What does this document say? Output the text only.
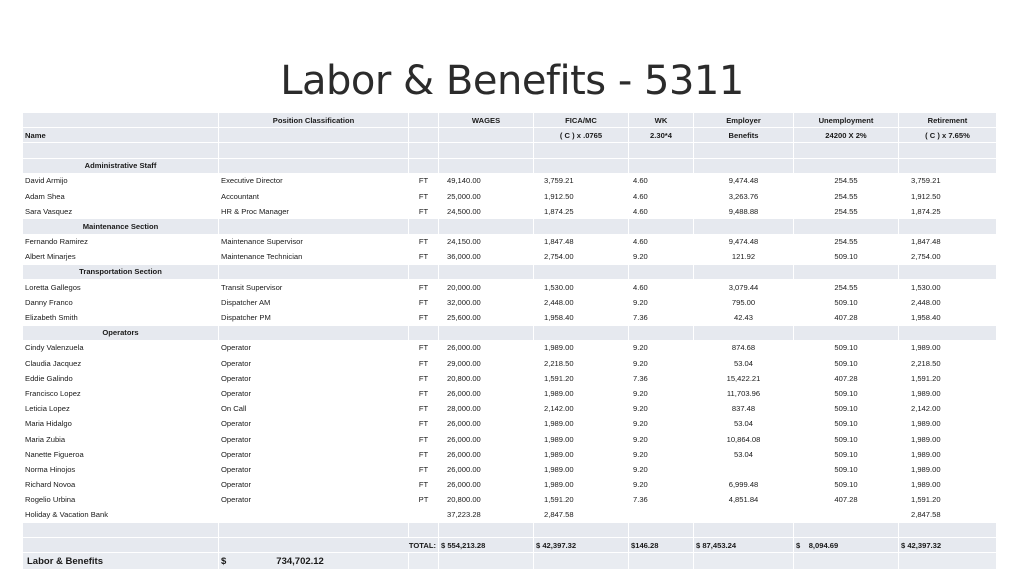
Labor & Benefits - 5311
	Position Classification		WAGES	FICA/MC	WK	Employer	Unemployment	Retirement
Name				( C ) x .0765	2.30*4	Benefits	24200 X 2%	( C ) x 7.65%

Administrative Staff								
David Armijo	Executive Director	FT	49,140.00	3,759.21	4.60	9,474.48	254.55	3,759.21
Adam Shea	Accountant	FT	25,000.00	1,912.50	4.60	3,263.76	254.55	1,912.50
Sara Vasquez	HR & Proc Manager	FT	24,500.00	1,874.25	4.60	9,488.88	254.55	1,874.25
Maintenance Section								
Fernando Ramirez	Maintenance Supervisor	FT	24,150.00	1,847.48	4.60	9,474.48	254.55	1,847.48
Albert Minarjes	Maintenance Technician	FT	36,000.00	2,754.00	9.20	121.92	509.10	2,754.00
Transportation Section								
Loretta Gallegos	Transit Supervisor	FT	20,000.00	1,530.00	4.60	3,079.44	254.55	1,530.00
Danny Franco	Dispatcher AM	FT	32,000.00	2,448.00	9.20	795.00	509.10	2,448.00
Elizabeth Smith	Dispatcher PM	FT	25,600.00	1,958.40	7.36	42.43	407.28	1,958.40
Operators								
Cindy Valenzuela	Operator	FT	26,000.00	1,989.00	9.20	874.68	509.10	1,989.00
Claudia Jacquez	Operator	FT	29,000.00	2,218.50	9.20	53.04	509.10	2,218.50
Eddie Galindo	Operator	FT	20,800.00	1,591.20	7.36	15,422.21	407.28	1,591.20
Francisco Lopez	Operator	FT	26,000.00	1,989.00	9.20	11,703.96	509.10	1,989.00
Leticia Lopez	On Call	FT	28,000.00	2,142.00	9.20	837.48	509.10	2,142.00
Maria Hidalgo	Operator	FT	26,000.00	1,989.00	9.20	53.04	509.10	1,989.00
Maria Zubia	Operator	FT	26,000.00	1,989.00	9.20	10,864.08	509.10	1,989.00
Nanette Figueroa	Operator	FT	26,000.00	1,989.00	9.20	53.04	509.10	1,989.00
Norma Hinojos	Operator	FT	26,000.00	1,989.00	9.20		509.10	1,989.00
Richard Novoa	Operator	FT	26,000.00	1,989.00	9.20	6,999.48	509.10	1,989.00
Rogelio Urbina	Operator	PT	20,800.00	1,591.20	7.36	4,851.84	407.28	1,591.20
Holiday & Vacation Bank			37,223.28	2,847.58				2,847.58

	TOTAL:		$ 554,213.28	$ 42,397.32	$146.28	$ 87,453.24	$ 8,094.69	$ 42,397.32
Labor & Benefits	$ 734,702.12							
